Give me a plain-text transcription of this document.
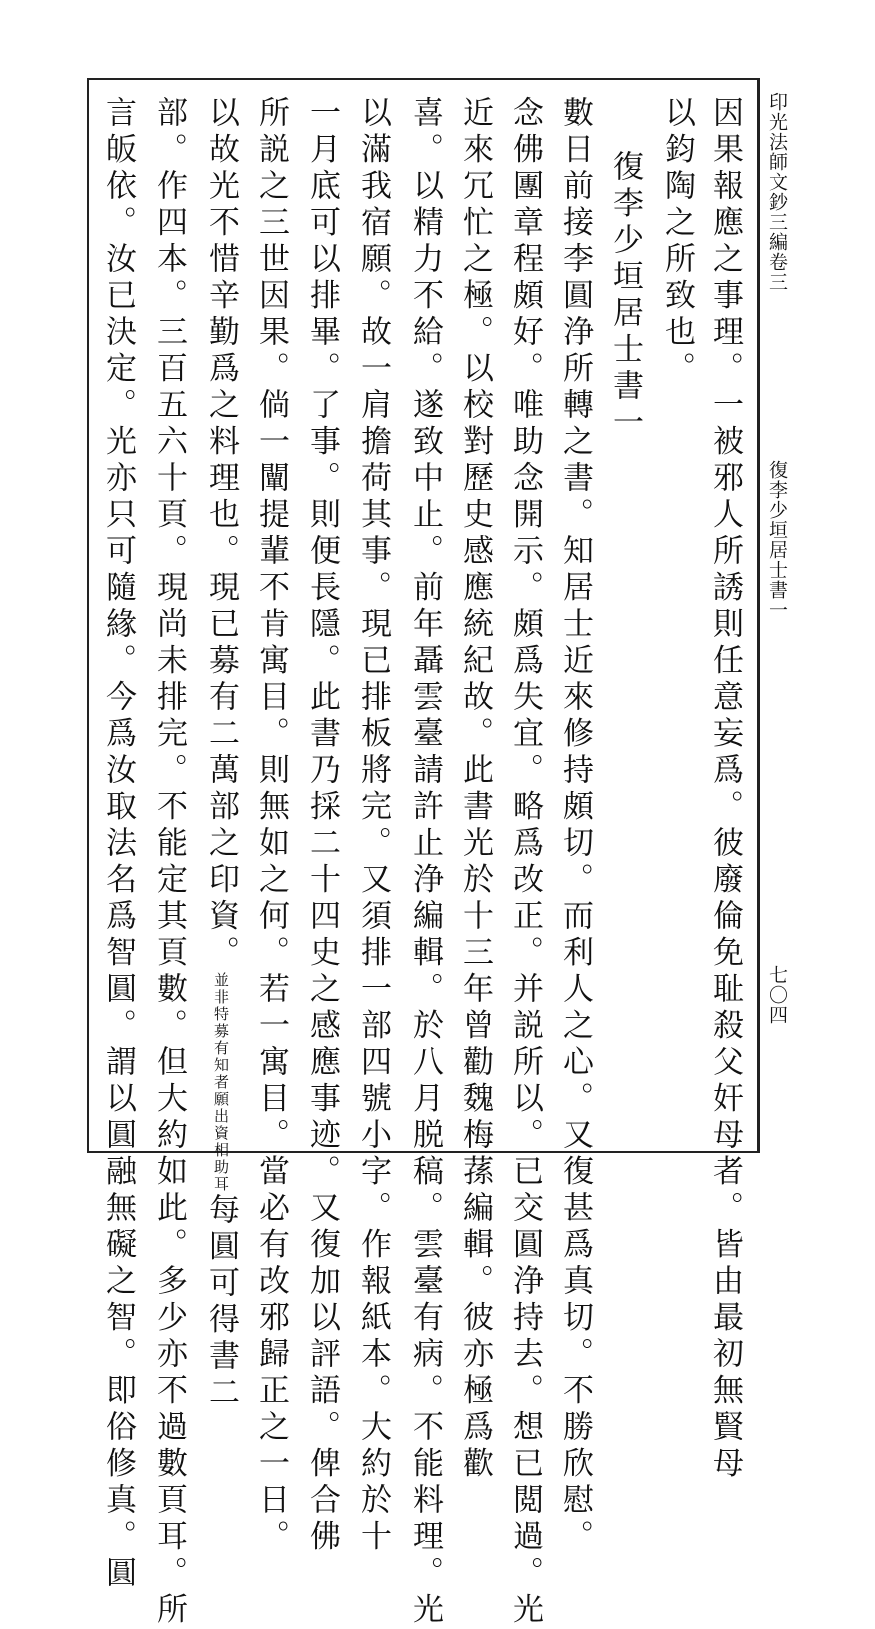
印光法師文鈔三編卷三
復李少垣居士書一
七〇四
因果報應之事理。一被邪人所誘則任意妄爲。彼廢倫免耻殺父奸母者。皆由最初無賢母
以鈞陶之所致也。
復李少垣居士書一
數日前接李圓浄所轉之書。知居士近來修持頗切。而利人之心。又復甚爲真切。不勝欣慰。
念佛團章程頗好。唯助念開示。頗爲失宜。略爲改正。并説所以。已交圓浄持去。想已閲過。光
近來冗忙之極。以校對歷史感應統紀故。此書光於十三年曾勸魏梅蓀編輯。彼亦極爲歡
喜。以精力不給。遂致中止。前年聶雲臺請許止浄編輯。於八月脱稿。雲臺有病。不能料理。光
以滿我宿願。故一肩擔荷其事。現已排板將完。又須排一部四號小字。作報紙本。大約於十
一月底可以排畢。了事。則便長隱。此書乃採二十四史之感應事迹。又復加以評語。俾合佛
所説之三世因果。倘一闡提輩不肯寓目。則無如之何。若一寓目。當必有改邪歸正之一日。
以故光不惜辛勤爲之料理也。現已募有二萬部之印資。並非特募有知者願出資相助耳每圓可得書二
部。作四本。三百五六十頁。現尚未排完。不能定其頁數。但大約如此。多少亦不過數頁耳。所
言皈依。汝已決定。光亦只可隨緣。今爲汝取法名爲智圓。謂以圓融無礙之智。即俗修真。圓
